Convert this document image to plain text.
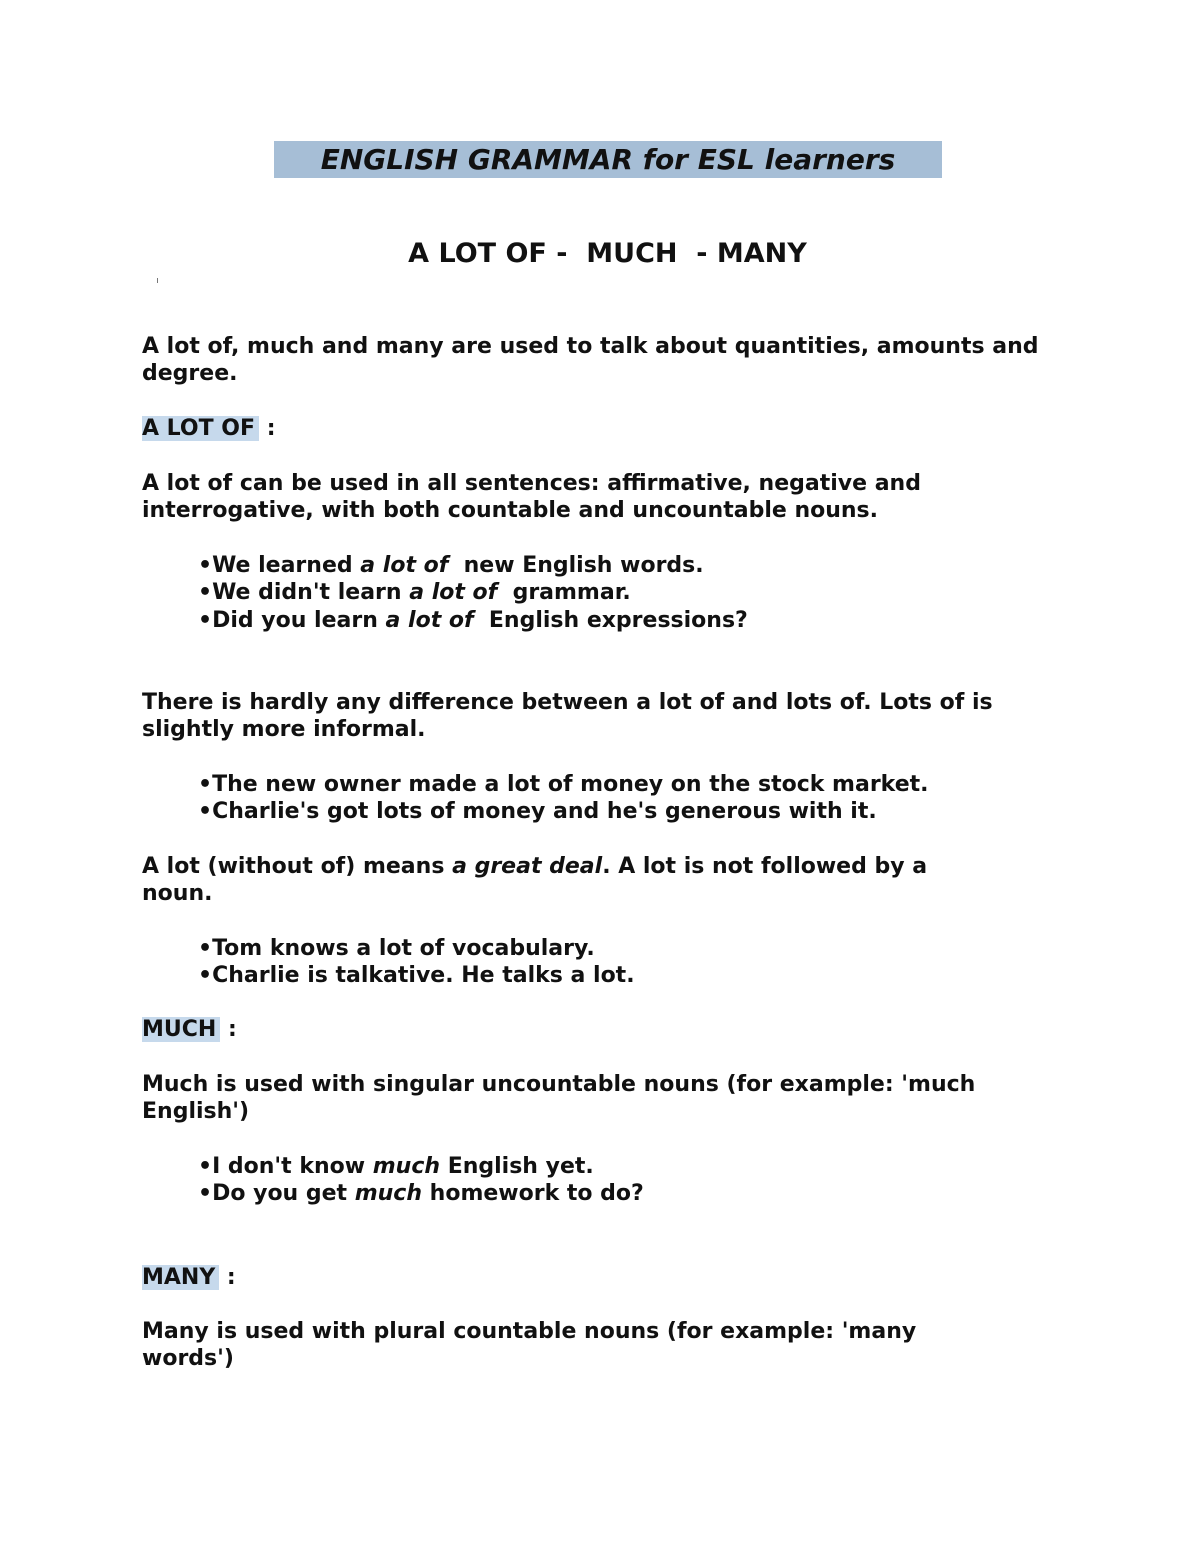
ENGLISH GRAMMAR for ESL learners
A LOT OF -  MUCH  - MANY

A lot of, much and many are used to talk about quantities, amounts and degree.

A LOT OF :

A lot of can be used in all sentences: affirmative, negative and interrogative, with both countable and uncountable nouns.

• We learned a lot of  new English words.
• We didn't learn a lot of  grammar.
• Did you learn a lot of  English expressions?

There is hardly any difference between a lot of and lots of. Lots of is slightly more informal.

• The new owner made a lot of money on the stock market.
• Charlie's got lots of money and he's generous with it.

A lot (without of) means a great deal. A lot is not followed by a noun.

• Tom knows a lot of vocabulary.
• Charlie is talkative. He talks a lot.

MUCH :

Much is used with singular uncountable nouns (for example: 'much English')

• I don't know much English yet.
• Do you get much homework to do?

MANY :

Many is used with plural countable nouns (for example: 'many words')
